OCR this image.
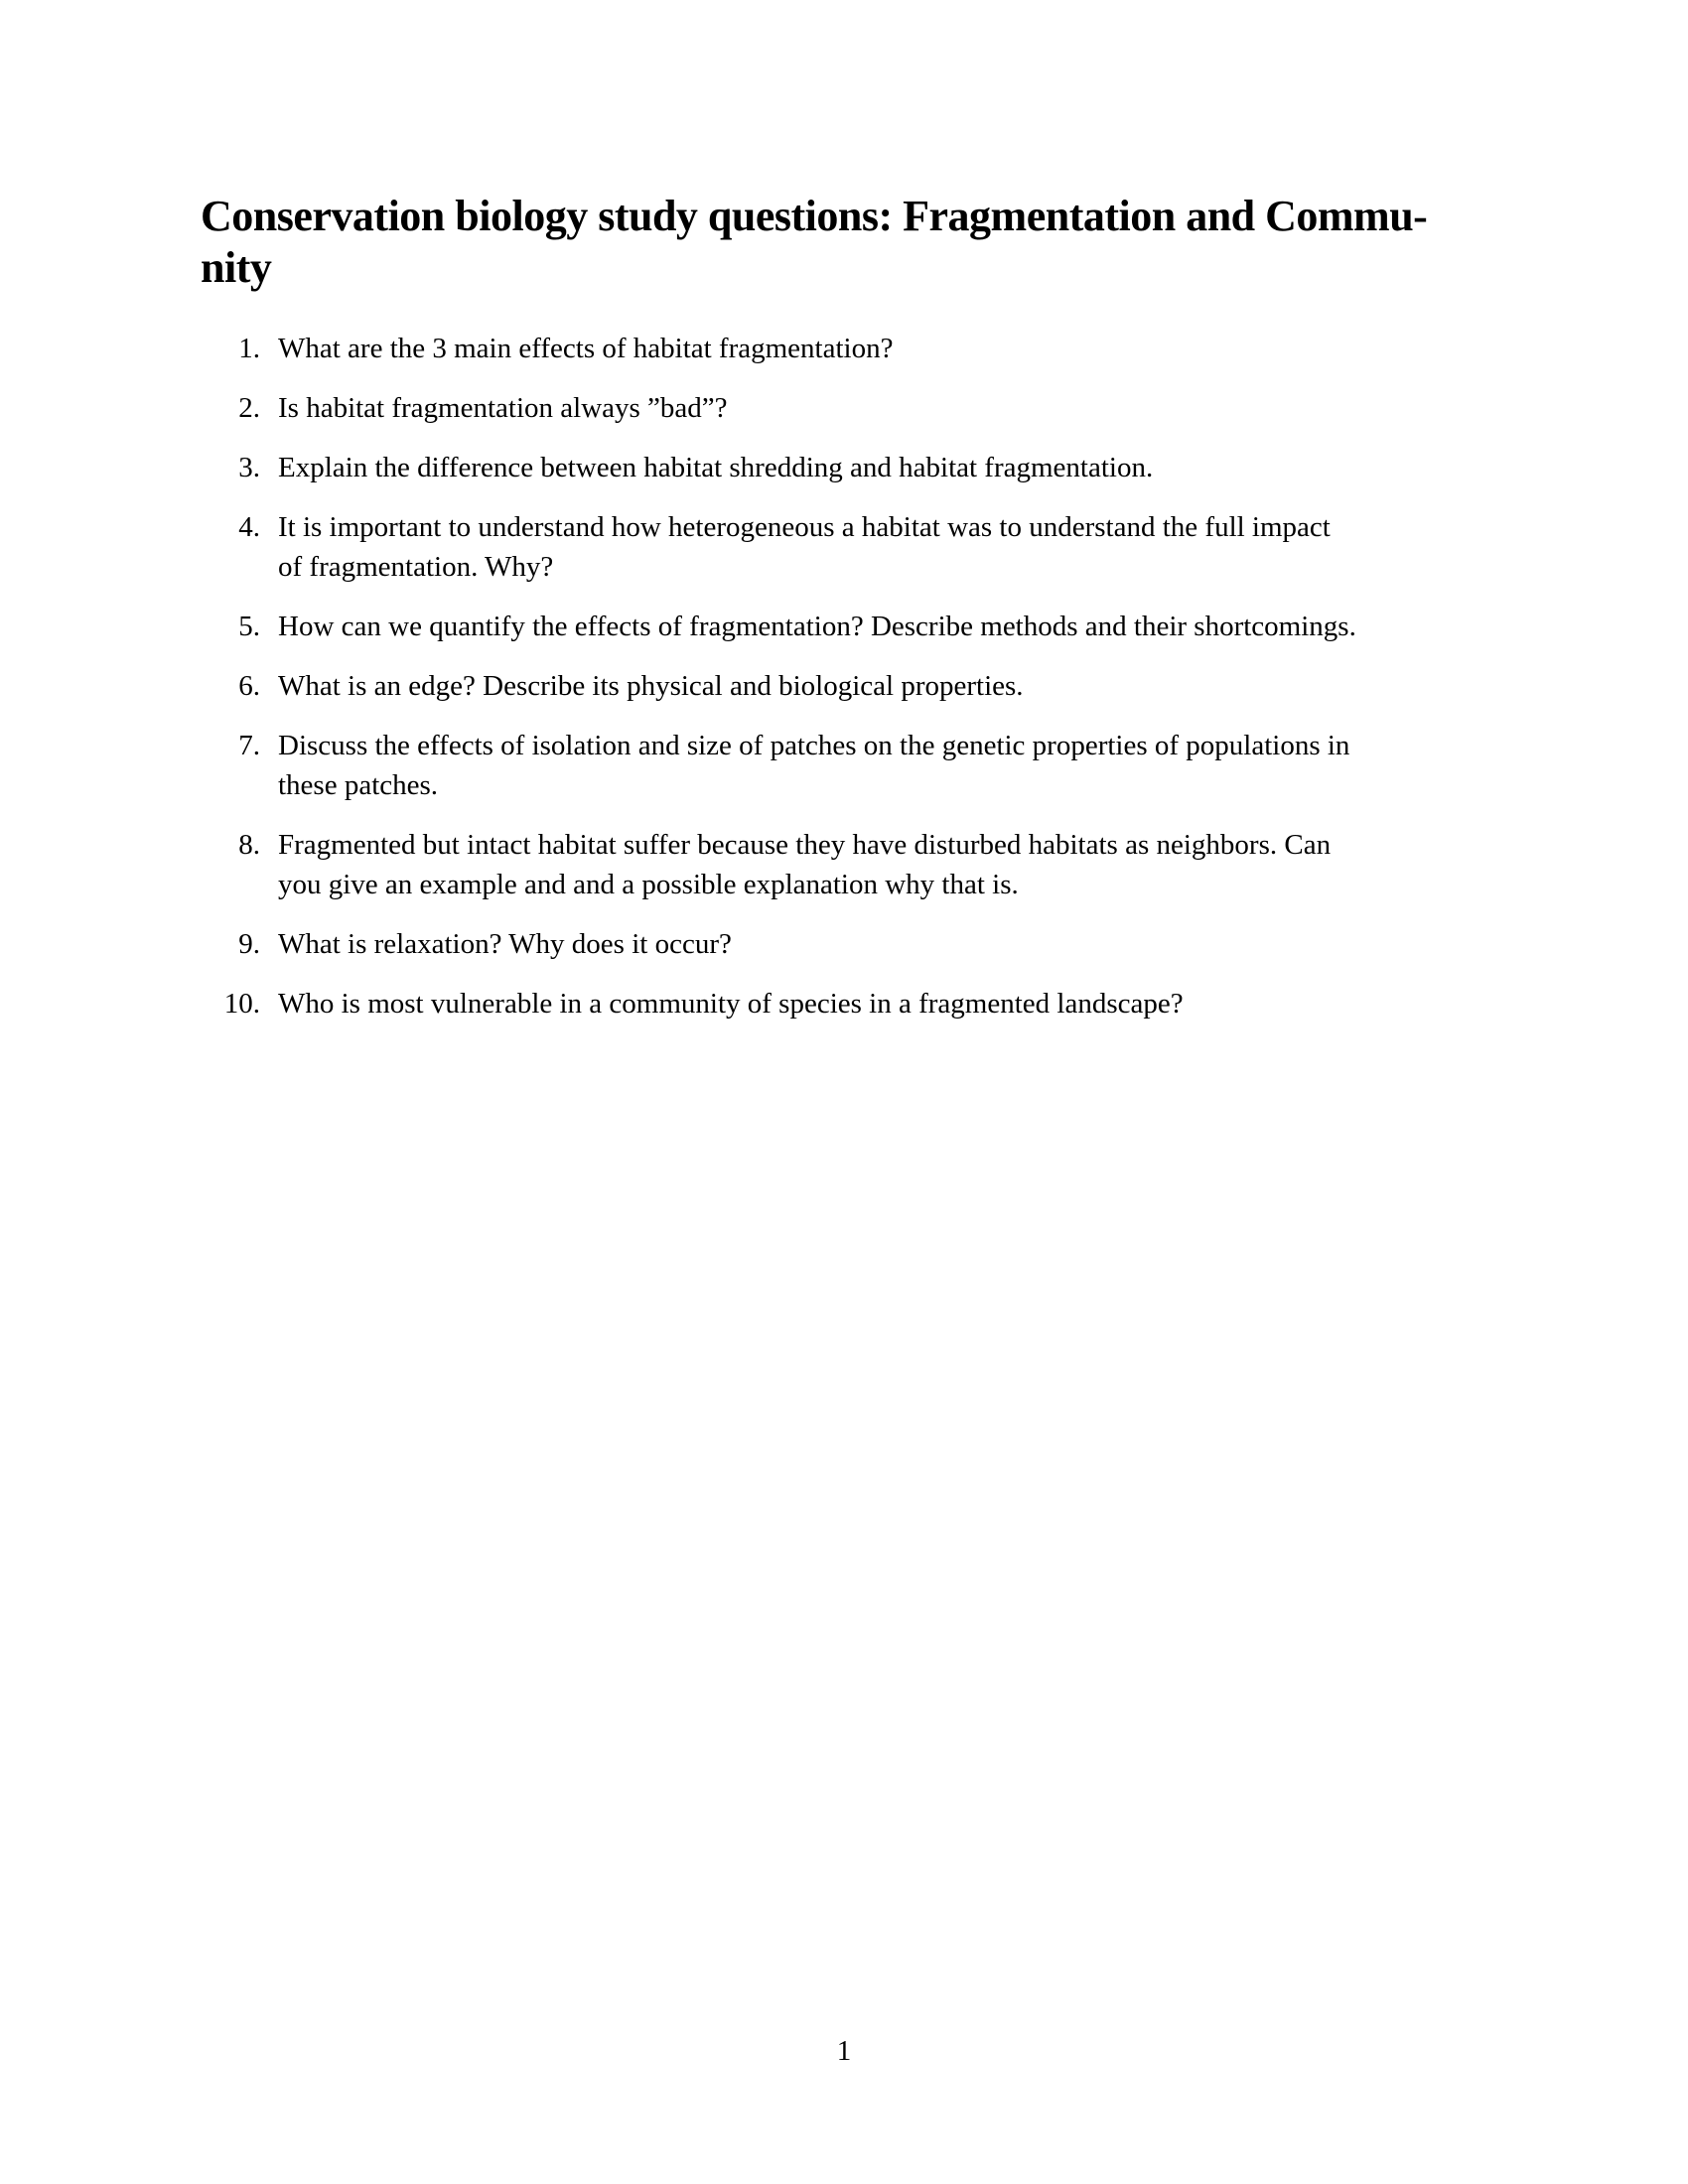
Conservation biology study questions: Fragmentation and Commu-
nity
1. What are the 3 main effects of habitat fragmentation?
2. Is habitat fragmentation always ”bad”?
3. Explain the difference between habitat shredding and habitat fragmentation.
4. It is important to understand how heterogeneous a habitat was to understand the full impact
of fragmentation. Why?
5. How can we quantify the effects of fragmentation? Describe methods and their shortcomings.
6. What is an edge? Describe its physical and biological properties.
7. Discuss the effects of isolation and size of patches on the genetic properties of populations in
these patches.
8. Fragmented but intact habitat suffer because they have disturbed habitats as neighbors. Can
you give an example and and a possible explanation why that is.
9. What is relaxation? Why does it occur?
10. Who is most vulnerable in a community of species in a fragmented landscape?
1
